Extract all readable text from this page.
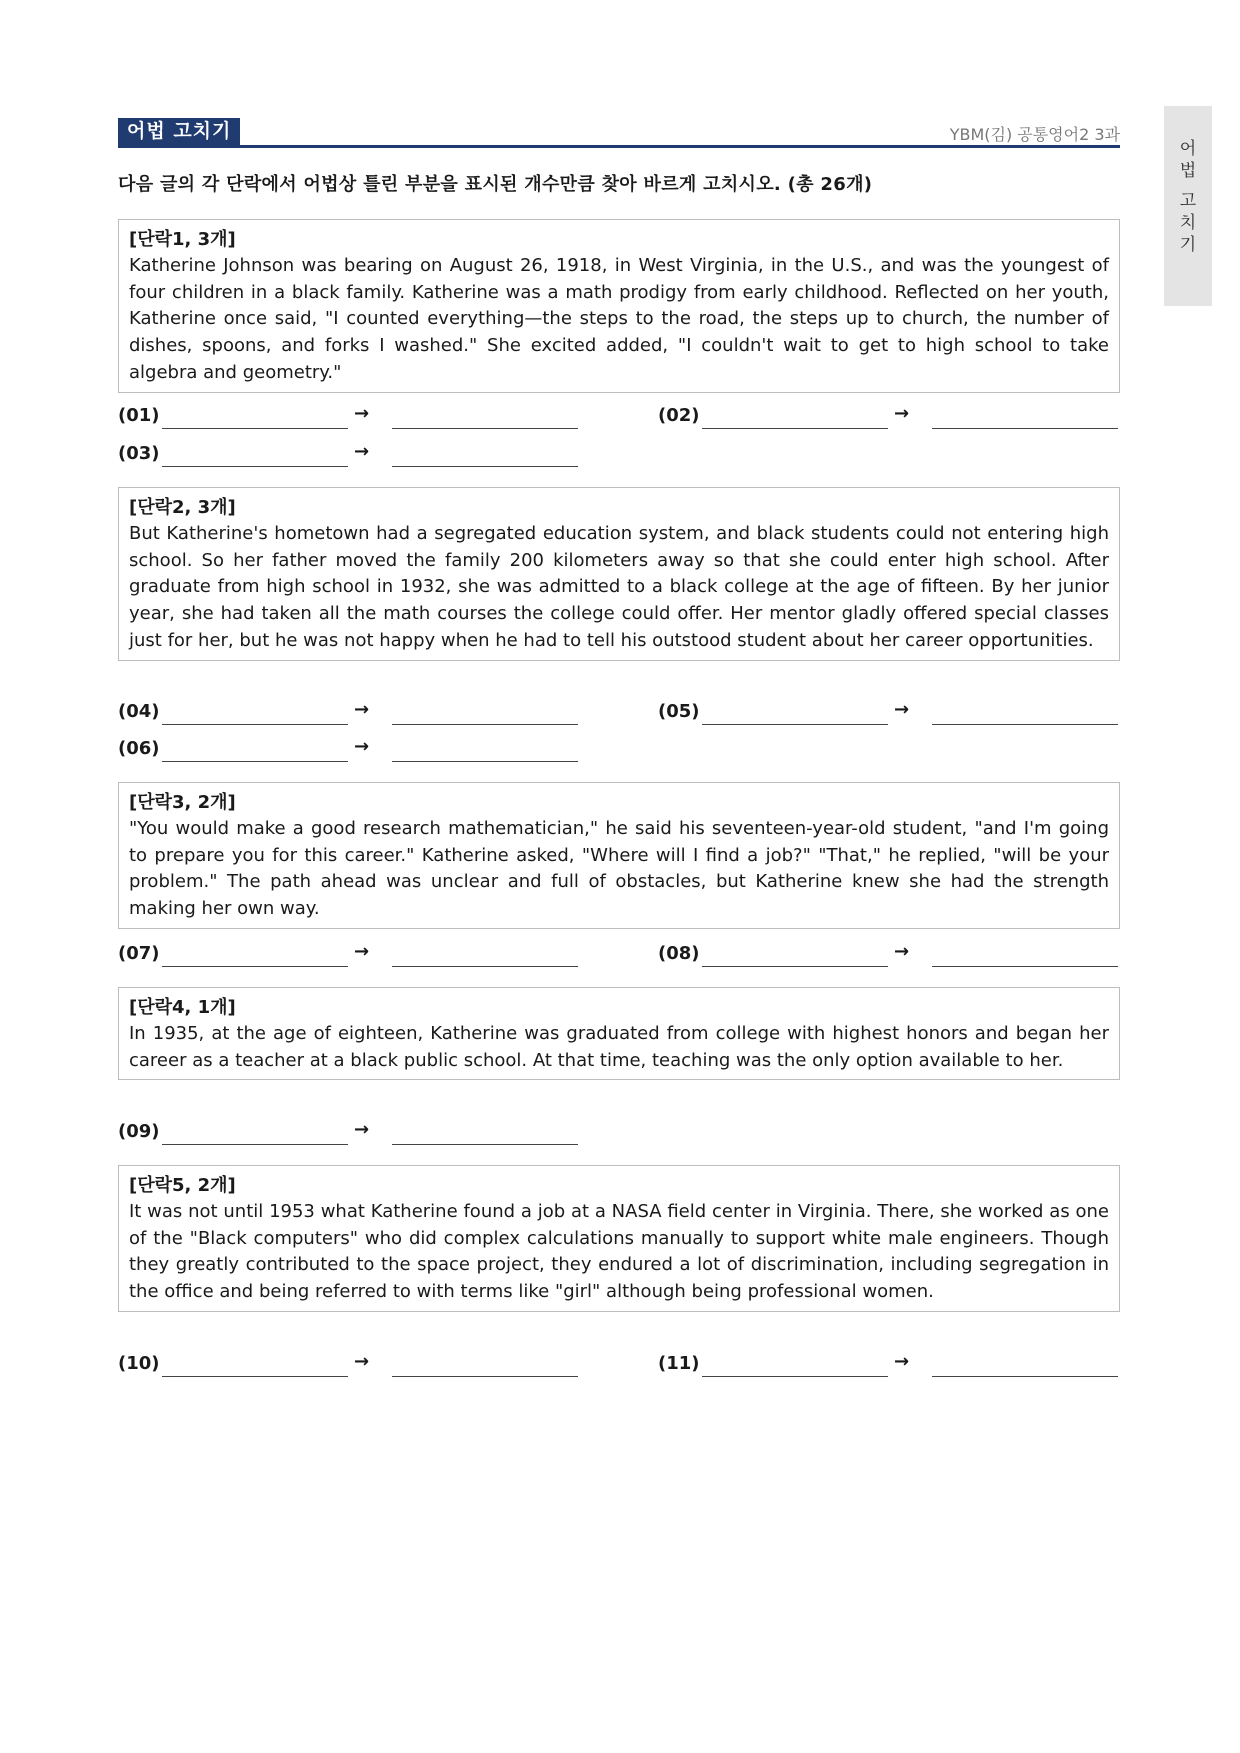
어법 고치기	YBM(김) 공통영어2 3과
어
법
고
치
기
다음 글의 각 단락에서 어법상 틀린 부분을 표시된 개수만큼 찾아 바르게 고치시오. (총 26개)
[단락1, 3개]
Katherine Johnson was bearing on August 26, 1918, in West Virginia, in the U.S., and was the youngest of four children in a black family. Katherine was a math prodigy from early childhood. Reflected on her youth, Katherine once said, "I counted everything—the steps to the road, the steps up to church, the number of dishes, spoons, and forks I washed." She excited added, "I couldn't wait to get to high school to take algebra and geometry."
(01)	→	(02)	→
(03)	→
[단락2, 3개]
But Katherine's hometown had a segregated education system, and black students could not entering high school. So her father moved the family 200 kilometers away so that she could enter high school. After graduate from high school in 1932, she was admitted to a black college at the age of fifteen. By her junior year, she had taken all the math courses the college could offer. Her mentor gladly offered special classes just for her, but he was not happy when he had to tell his outstood student about her career opportunities.
(04)	→	(05)	→
(06)	→
[단락3, 2개]
"You would make a good research mathematician," he said his seventeen-year-old student, "and I'm going to prepare you for this career." Katherine asked, "Where will I find a job?" "That," he replied, "will be your problem." The path ahead was unclear and full of obstacles, but Katherine knew she had the strength making her own way.
(07)	→	(08)	→
[단락4, 1개]
In 1935, at the age of eighteen, Katherine was graduated from college with highest honors and began her career as a teacher at a black public school. At that time, teaching was the only option available to her.
(09)	→
[단락5, 2개]
It was not until 1953 what Katherine found a job at a NASA field center in Virginia. There, she worked as one of the "Black computers" who did complex calculations manually to support white male engineers. Though they greatly contributed to the space project, they endured a lot of discrimination, including segregation in the office and being referred to with terms like "girl" although being professional women.
(10)	→	(11)	→
